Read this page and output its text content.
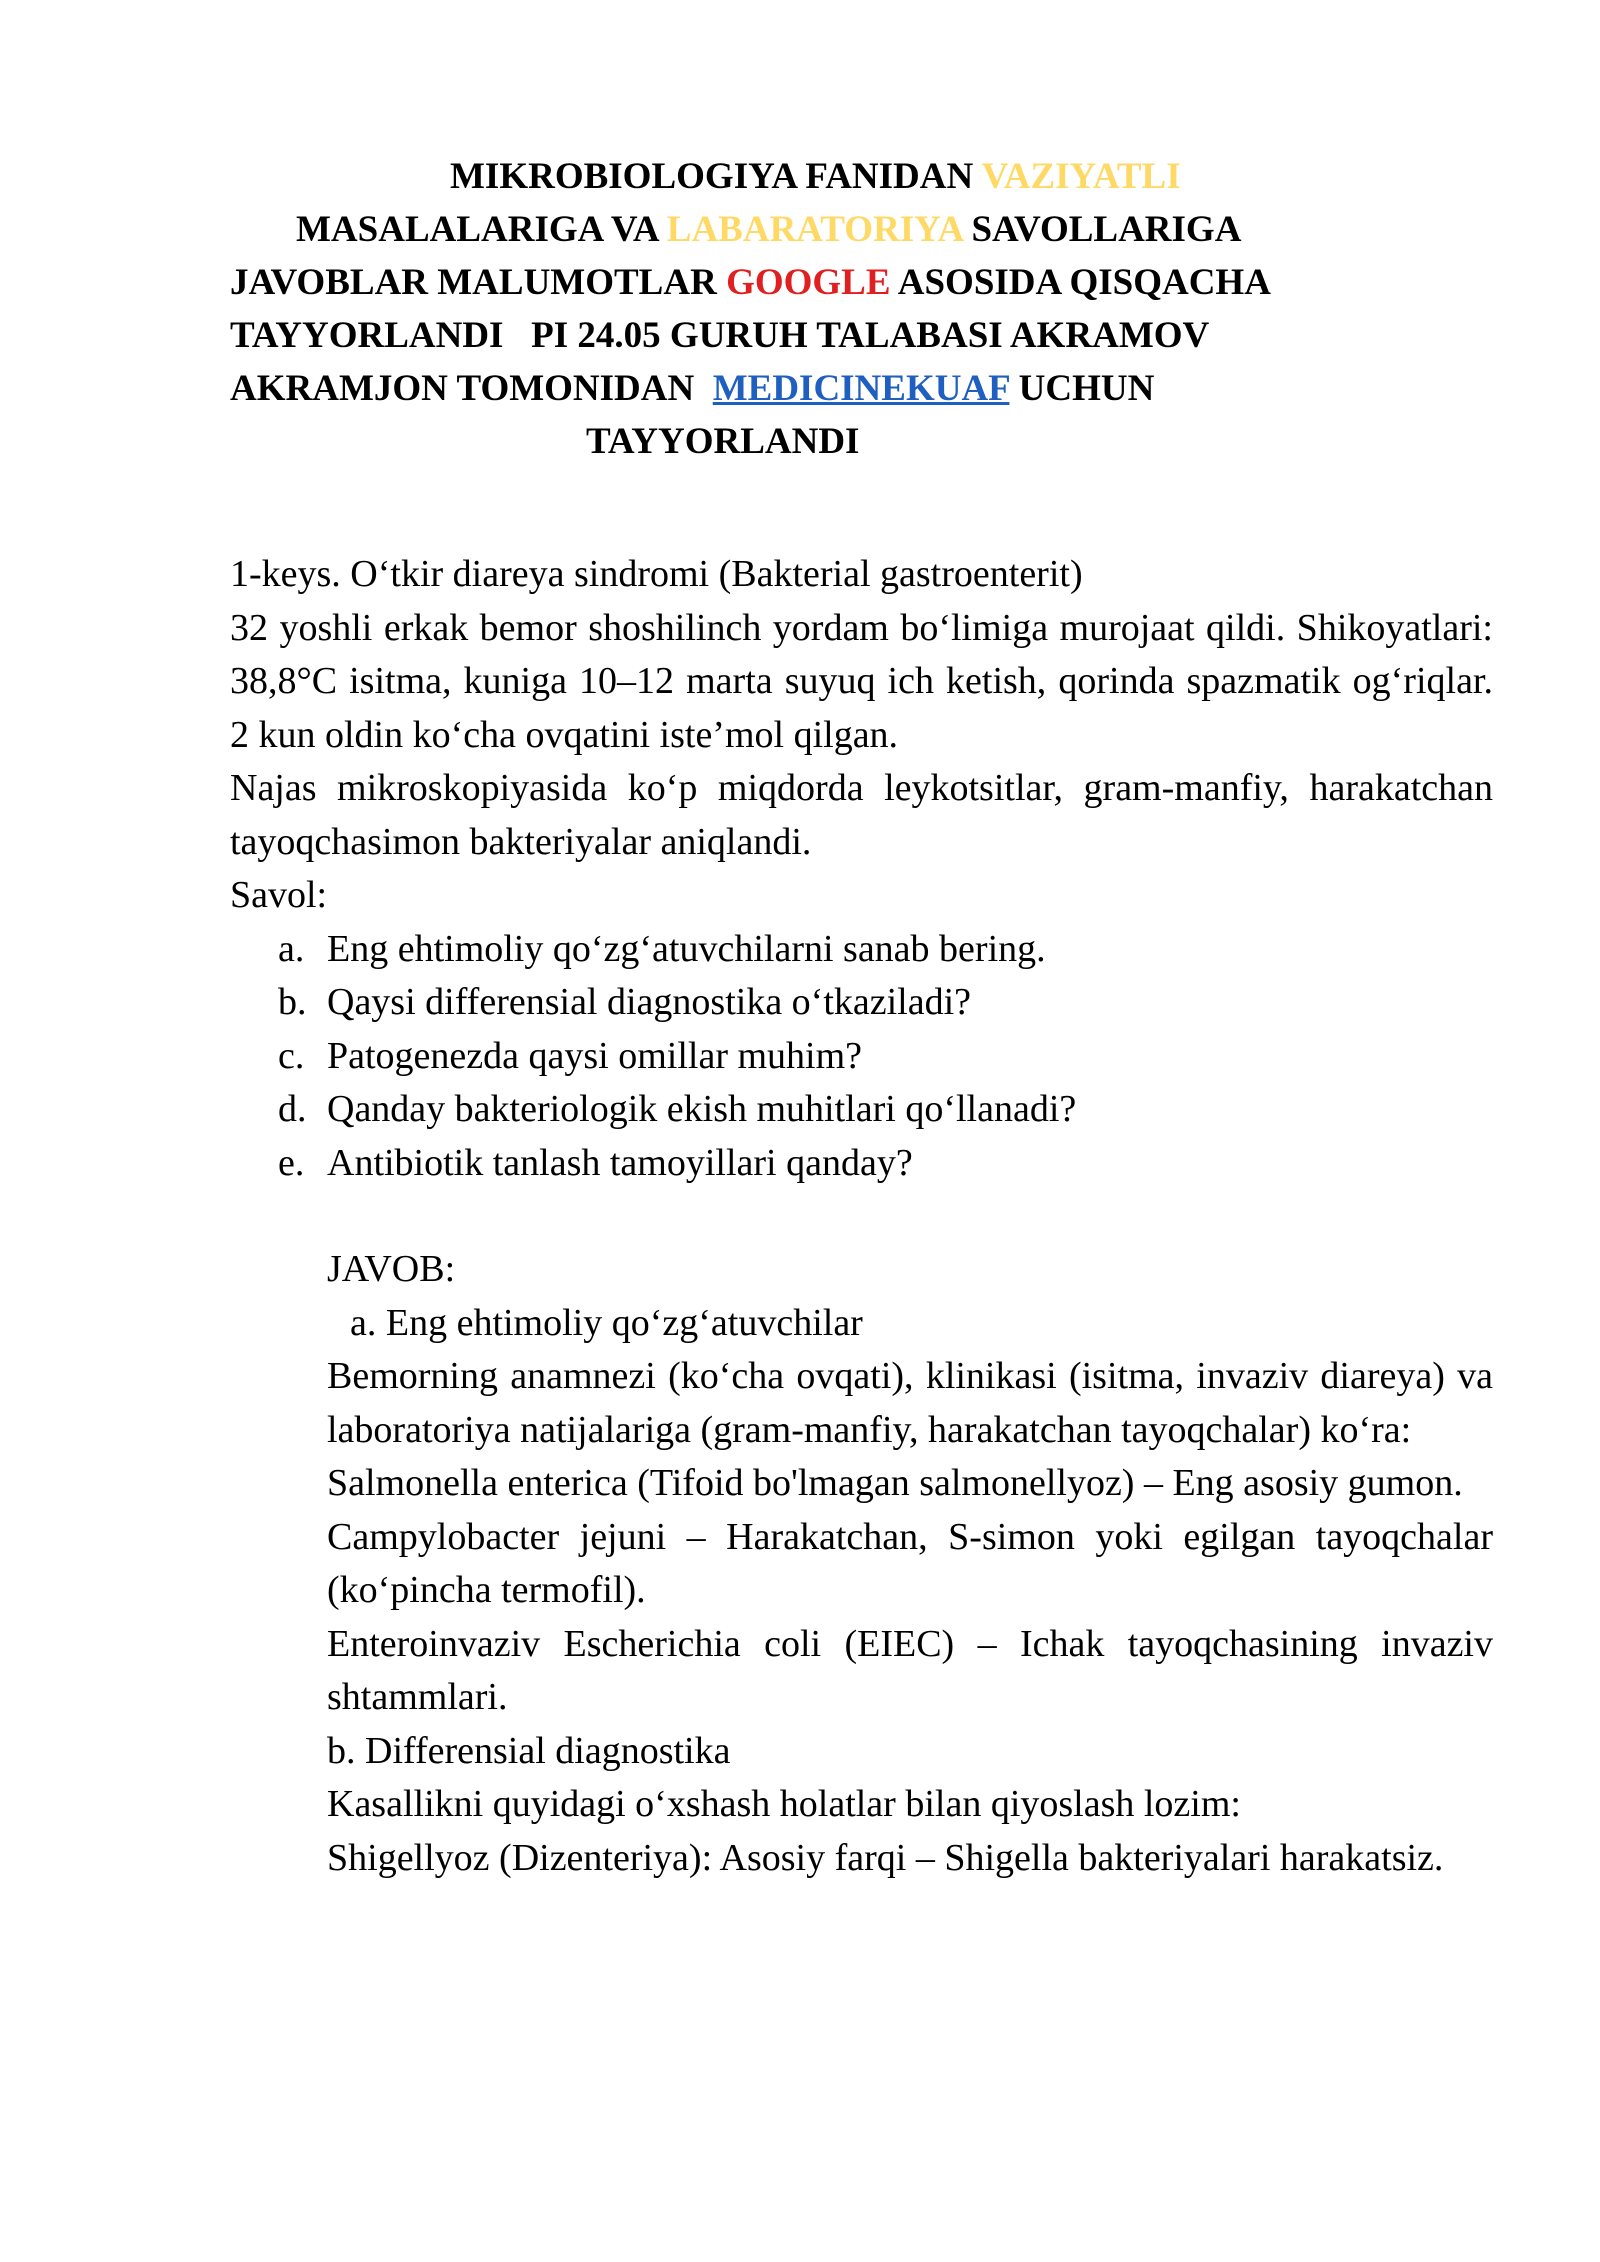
MIKROBIOLOGIYA FANIDAN VAZIYATLI
MASALALARIGA VA LABARATORIYA SAVOLLARIGA
JAVOBLAR MALUMOTLAR GOOGLE ASOSIDA QISQACHA
TAYYORLANDI   PI 24.05 GURUH TALABASI AKRAMOV
AKRAMJON TOMONIDAN  MEDICINEKUAF UCHUN
TAYYORLANDI

1-keys. O‘tkir diareya sindromi (Bakterial gastroenterit)

32 yoshli erkak bemor shoshilinch yordam bo‘limiga murojaat qildi. Shikoyatlari: 38,8°C isitma, kuniga 10–12 marta suyuq ich ketish, qorinda spazmatik og‘riqlar. 2 kun oldin ko‘cha ovqatini iste’mol qilgan.

Najas mikroskopiyasida ko‘p miqdorda leykotsitlar, gram-manfiy, harakatchan tayoqchasimon bakteriyalar aniqlandi.

Savol:

a. Eng ehtimoliy qo‘zg‘atuvchilarni sanab bering.
b. Qaysi differensial diagnostika o‘tkaziladi?
c. Patogenezda qaysi omillar muhim?
d. Qanday bakteriologik ekish muhitlari qo‘llanadi?
e. Antibiotik tanlash tamoyillari qanday?

JAVOB:

a. Eng ehtimoliy qo‘zg‘atuvchilar

Bemorning anamnezi (ko‘cha ovqati), klinikasi (isitma, invaziv diareya) va laboratoriya natijalariga (gram-manfiy, harakatchan tayoqchalar) ko‘ra:

Salmonella enterica (Tifoid bo'lmagan salmonellyoz) – Eng asosiy gumon.

Campylobacter jejuni – Harakatchan, S-simon yoki egilgan tayoqchalar (ko‘pincha termofil).

Enteroinvaziv Escherichia coli (EIEC) – Ichak tayoqchasining invaziv shtammlari.

b. Differensial diagnostika

Kasallikni quyidagi o‘xshash holatlar bilan qiyoslash lozim:

Shigellyoz (Dizenteriya): Asosiy farqi – Shigella bakteriyalari harakatsiz.
